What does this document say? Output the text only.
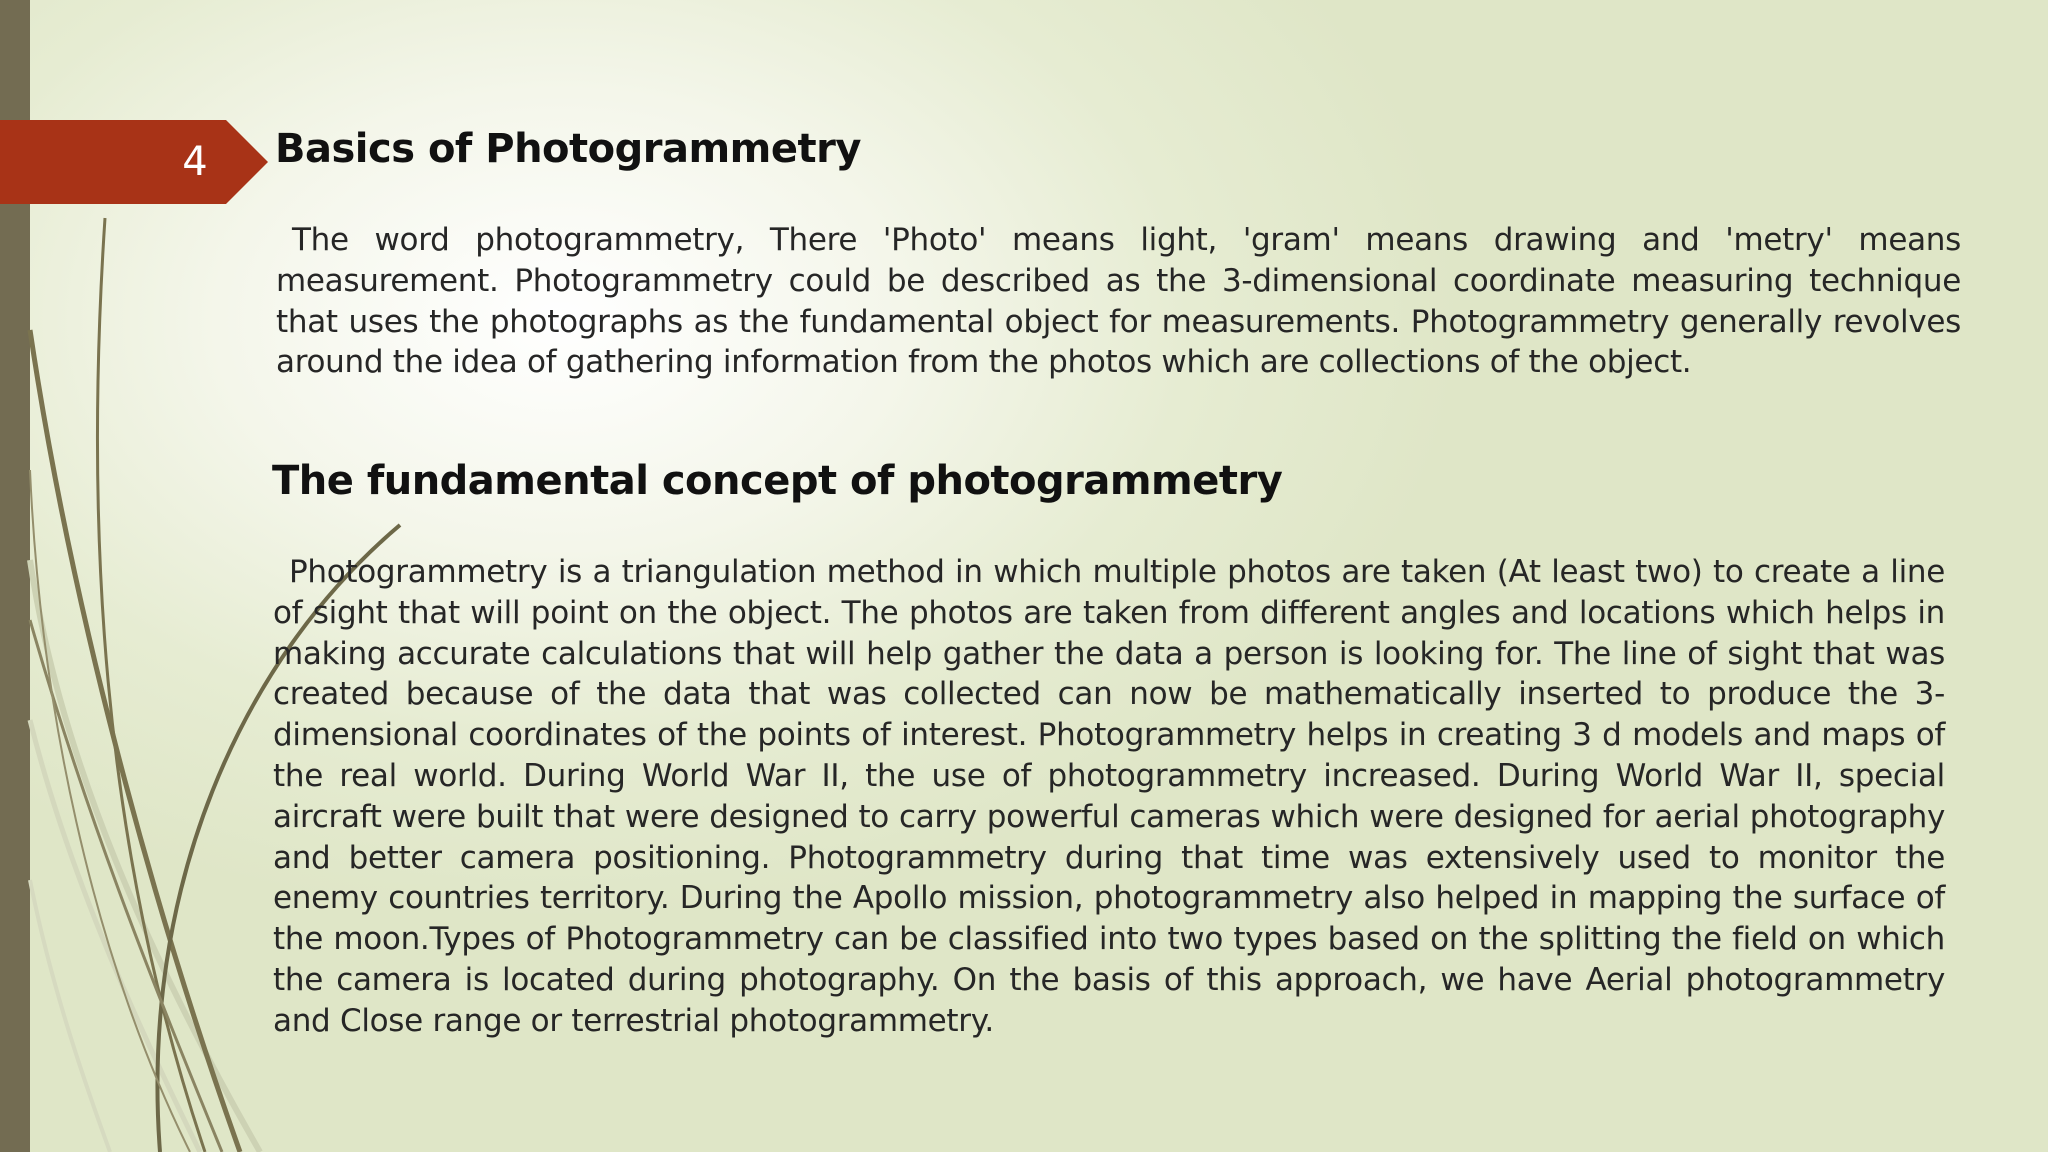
4	Basics of Photogrammetry

The word photogrammetry, There 'Photo' means light, 'gram' means drawing and 'metry' means measurement. Photogrammetry could be described as the 3-dimensional coordinate measuring technique that uses the photographs as the fundamental object for measurements. Photogrammetry generally revolves around the idea of gathering information from the photos which are collections of the object.

The fundamental concept of photogrammetry

Photogrammetry is a triangulation method in which multiple photos are taken (At least two) to create a line of sight that will point on the object. The photos are taken from different angles and locations which helps in making accurate calculations that will help gather the data a person is looking for. The line of sight that was created because of the data that was collected can now be mathematically inserted to produce the 3-dimensional coordinates of the points of interest. Photogrammetry helps in creating 3 d models and maps of the real world. During World War II, the use of photogrammetry increased. During World War II, special aircraft were built that were designed to carry powerful cameras which were designed for aerial photography and better camera positioning. Photogrammetry during that time was extensively used to monitor the enemy countries territory. During the Apollo mission, photogrammetry also helped in mapping the surface of the moon.Types of Photogrammetry can be classified into two types based on the splitting the field on which the camera is located during photography. On the basis of this approach, we have Aerial photogrammetry and Close range or terrestrial photogrammetry.
